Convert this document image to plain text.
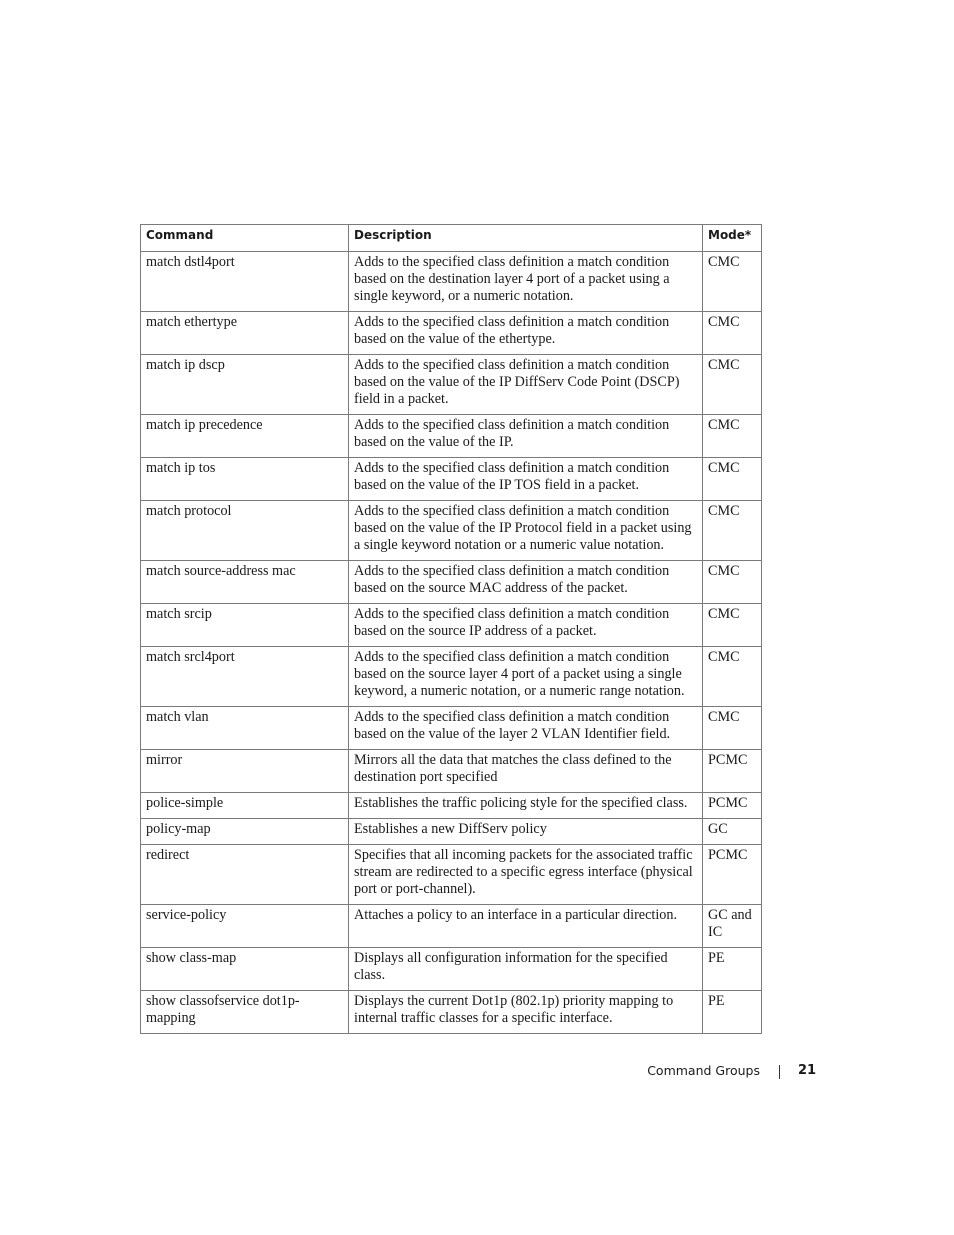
Command	Description	Mode*
match dstl4port	Adds to the specified class definition a match condition based on the destination layer 4 port of a packet using a single keyword, or a numeric notation.	CMC
match ethertype	Adds to the specified class definition a match condition based on the value of the ethertype.	CMC
match ip dscp	Adds to the specified class definition a match condition based on the value of the IP DiffServ Code Point (DSCP) field in a packet.	CMC
match ip precedence	Adds to the specified class definition a match condition based on the value of the IP.	CMC
match ip tos	Adds to the specified class definition a match condition based on the value of the IP TOS field in a packet.	CMC
match protocol	Adds to the specified class definition a match condition based on the value of the IP Protocol field in a packet using a single keyword notation or a numeric value notation.	CMC
match source-address mac	Adds to the specified class definition a match condition based on the source MAC address of the packet.	CMC
match srcip	Adds to the specified class definition a match condition based on the source IP address of a packet.	CMC
match srcl4port	Adds to the specified class definition a match condition based on the source layer 4 port of a packet using a single keyword, a numeric notation, or a numeric range notation.	CMC
match vlan	Adds to the specified class definition a match condition based on the value of the layer 2 VLAN Identifier field.	CMC
mirror	Mirrors all the data that matches the class defined to the destination port specified	PCMC
police-simple	Establishes the traffic policing style for the specified class.	PCMC
policy-map	Establishes a new DiffServ policy	GC
redirect	Specifies that all incoming packets for the associated traffic stream are redirected to a specific egress interface (physical port or port-channel).	PCMC
service-policy	Attaches a policy to an interface in a particular direction.	GC and IC
show class-map	Displays all configuration information for the specified class.	PE
show classofservice dot1p-mapping	Displays the current Dot1p (802.1p) priority mapping to internal traffic classes for a specific interface.	PE
Command Groups	21
